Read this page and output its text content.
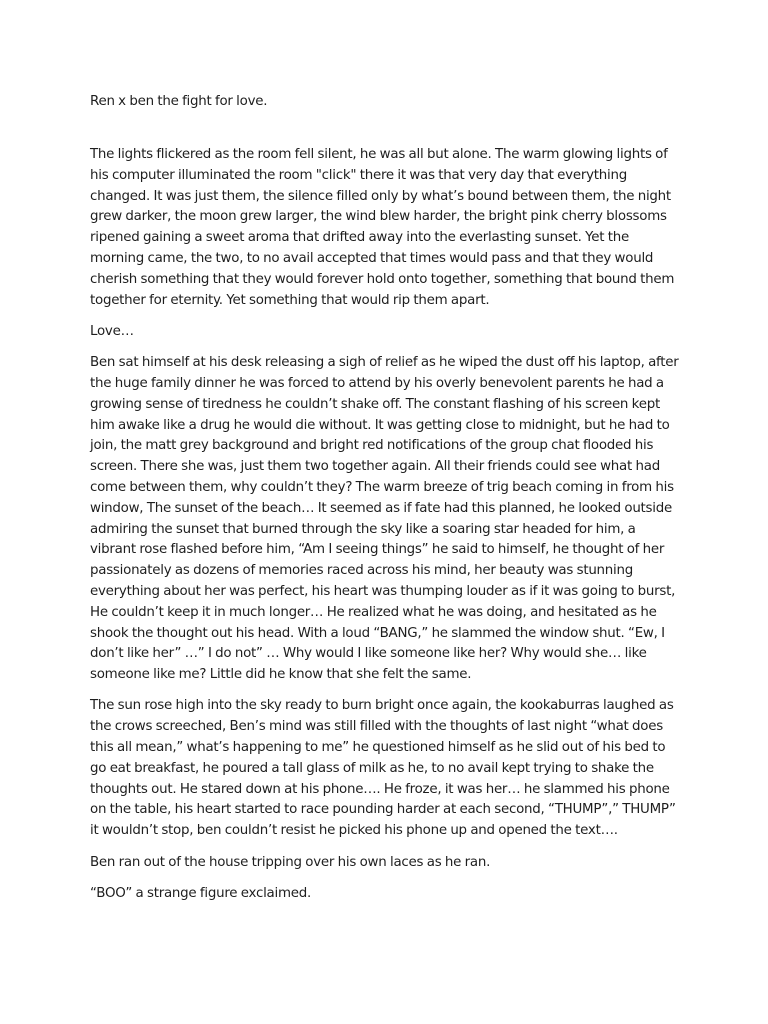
Ren x ben the fight for love.

The lights flickered as the room fell silent, he was all but alone. The warm glowing lights of his computer illuminated the room "click" there it was that very day that everything changed. It was just them, the silence filled only by what’s bound between them, the night grew darker, the moon grew larger, the wind blew harder, the bright pink cherry blossoms ripened gaining a sweet aroma that drifted away into the everlasting sunset. Yet the morning came, the two, to no avail accepted that times would pass and that they would cherish something that they would forever hold onto together, something that bound them together for eternity. Yet something that would rip them apart.

Love…

Ben sat himself at his desk releasing a sigh of relief as he wiped the dust off his laptop, after the huge family dinner he was forced to attend by his overly benevolent parents he had a growing sense of tiredness he couldn’t shake off. The constant flashing of his screen kept him awake like a drug he would die without. It was getting close to midnight, but he had to join, the matt grey background and bright red notifications of the group chat flooded his screen. There she was, just them two together again. All their friends could see what had come between them, why couldn’t they? The warm breeze of trig beach coming in from his window, The sunset of the beach… It seemed as if fate had this planned, he looked outside admiring the sunset that burned through the sky like a soaring star headed for him, a vibrant rose flashed before him, “Am I seeing things” he said to himself, he thought of her passionately as dozens of memories raced across his mind, her beauty was stunning everything about her was perfect, his heart was thumping louder as if it was going to burst, He couldn’t keep it in much longer… He realized what he was doing, and hesitated as he shook the thought out his head. With a loud “BANG,” he slammed the window shut. “Ew, I don’t like her” …” I do not” … Why would I like someone like her? Why would she… like someone like me? Little did he know that she felt the same.

The sun rose high into the sky ready to burn bright once again, the kookaburras laughed as the crows screeched, Ben’s mind was still filled with the thoughts of last night “what does this all mean,” what’s happening to me” he questioned himself as he slid out of his bed to go eat breakfast, he poured a tall glass of milk as he, to no avail kept trying to shake the thoughts out. He stared down at his phone…. He froze, it was her… he slammed his phone on the table, his heart started to race pounding harder at each second, “THUMP”,” THUMP” it wouldn’t stop, ben couldn’t resist he picked his phone up and opened the text….

Ben ran out of the house tripping over his own laces as he ran.

“BOO” a strange figure exclaimed.
